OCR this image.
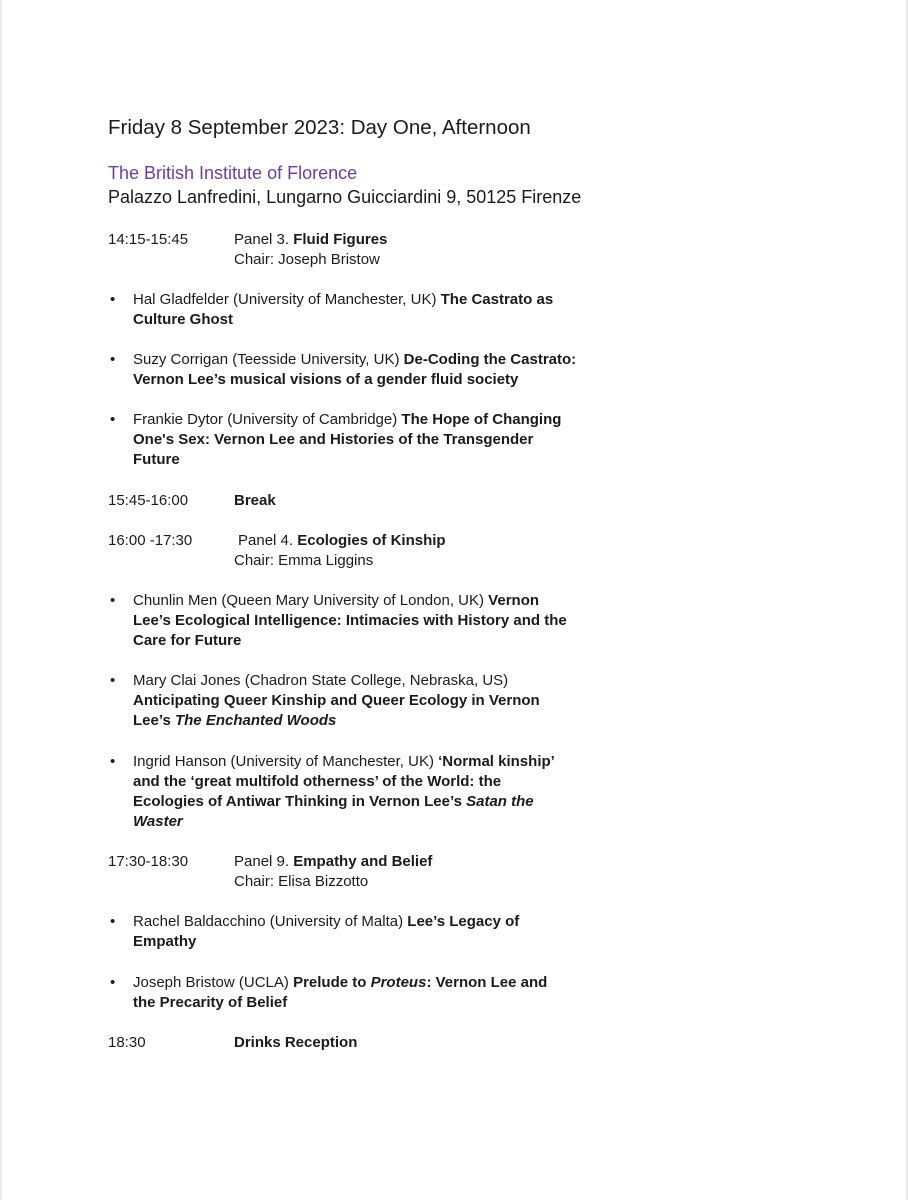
Friday 8 September 2023: Day One, Afternoon

The British Institute of Florence

Palazzo Lanfredini, Lungarno Guicciardini 9, 50125 Firenze

14:15-15:45	Panel 3. Fluid Figures
Chair: Joseph Bristow
• Hal Gladfelder (University of Manchester, UK) The Castrato as
Culture Ghost
• Suzy Corrigan (Teesside University, UK) De-Coding the Castrato:
Vernon Lee’s musical visions of a gender fluid society
• Frankie Dytor (University of Cambridge) The Hope of Changing
One's Sex: Vernon Lee and Histories of the Transgender
Future
15:45-16:00	Break
16:00 -17:30	Panel 4. Ecologies of Kinship
Chair: Emma Liggins
• Chunlin Men (Queen Mary University of London, UK) Vernon
Lee’s Ecological Intelligence: Intimacies with History and the
Care for Future
• Mary Clai Jones (Chadron State College, Nebraska, US)
Anticipating Queer Kinship and Queer Ecology in Vernon
Lee’s The Enchanted Woods
• Ingrid Hanson (University of Manchester, UK) ‘Normal kinship’
and the ‘great multifold otherness’ of the World: the
Ecologies of Antiwar Thinking in Vernon Lee’s Satan the
Waster
17:30-18:30	Panel 9. Empathy and Belief
Chair: Elisa Bizzotto
• Rachel Baldacchino (University of Malta) Lee’s Legacy of
Empathy
• Joseph Bristow (UCLA) Prelude to Proteus: Vernon Lee and
the Precarity of Belief
18:30	Drinks Reception
